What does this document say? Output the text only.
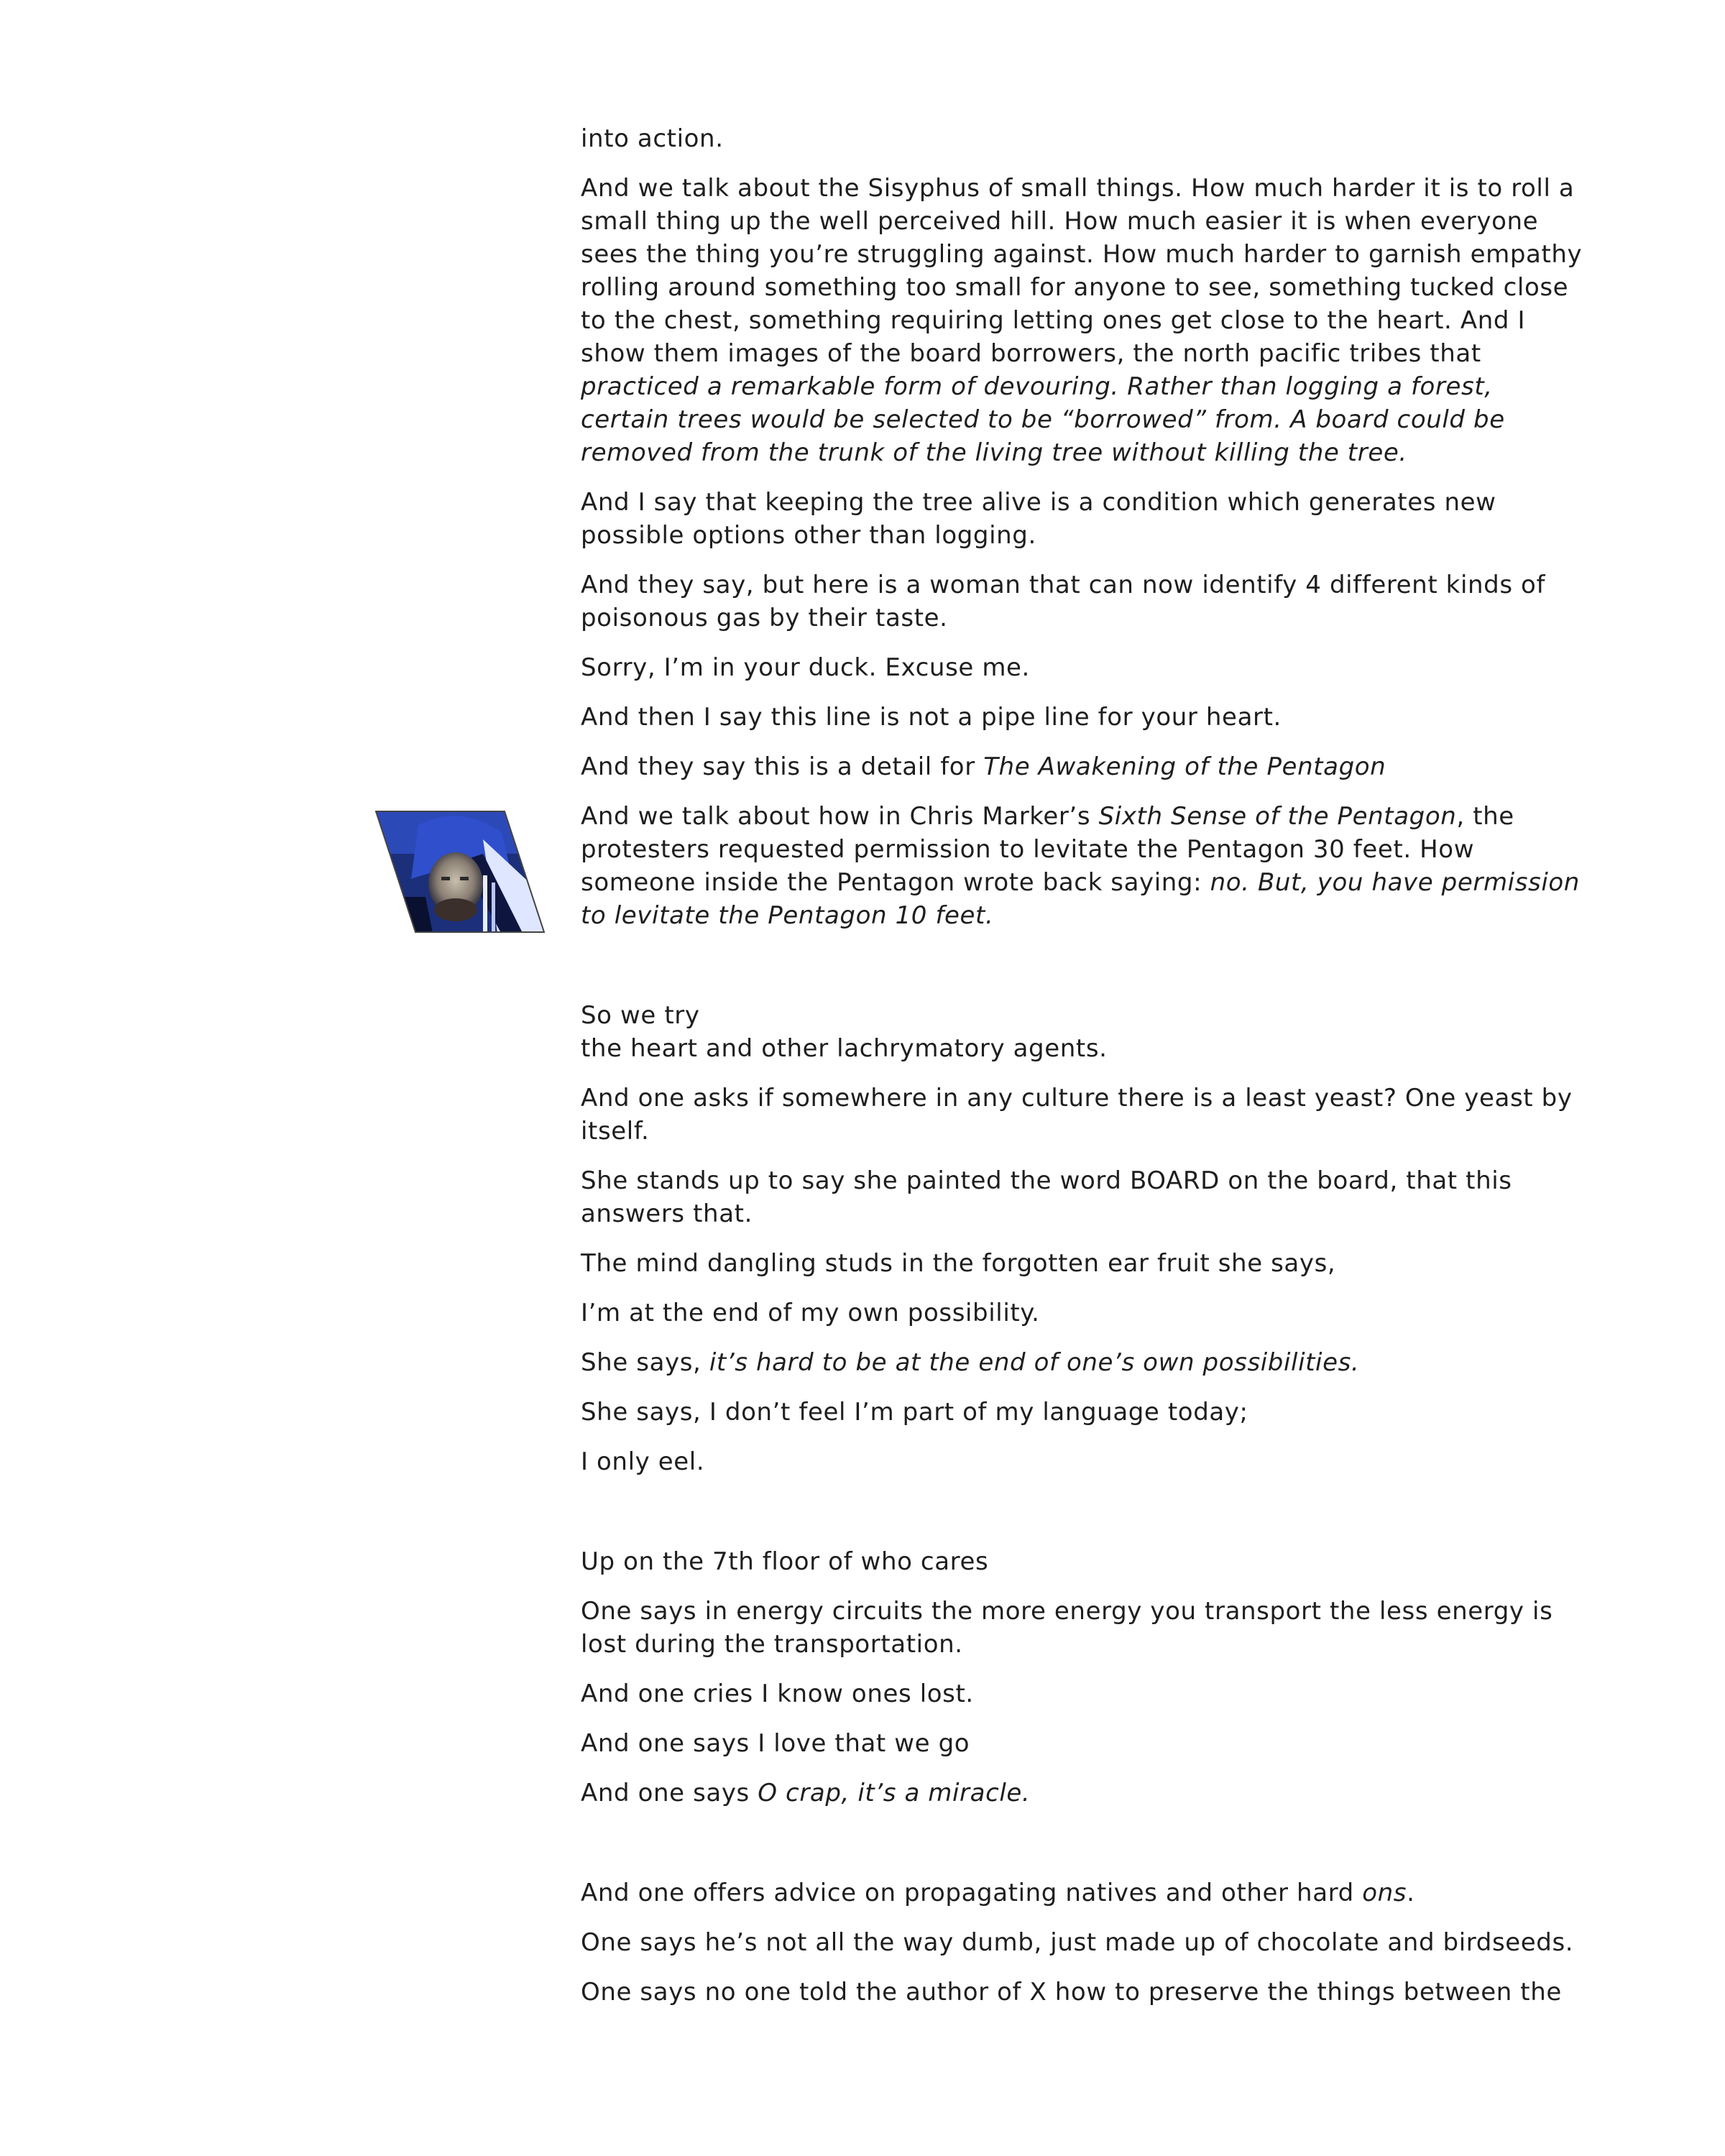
into action.

And we talk about the Sisyphus of small things. How much harder it is to roll a small thing up the well perceived hill. How much easier it is when everyone sees the thing you’re struggling against. How much harder to garnish empathy rolling around something too small for anyone to see, something tucked close to the chest, something requiring letting ones get close to the heart. And I show them images of the board borrowers, the north pacific tribes that practiced a remarkable form of devouring. Rather than logging a forest, certain trees would be selected to be “borrowed” from. A board could be removed from the trunk of the living tree without killing the tree.

And I say that keeping the tree alive is a condition which generates new possible options other than logging.

And they say, but here is a woman that can now identify 4 different kinds of poisonous gas by their taste.

Sorry, I’m in your duck. Excuse me.

And then I say this line is not a pipe line for your heart.

And they say this is a detail for The Awakening of the Pentagon

And we talk about how in Chris Marker’s Sixth Sense of the Pentagon, the protesters requested permission to levitate the Pentagon 30 feet. How someone inside the Pentagon wrote back saying: no. But, you have permission to levitate the Pentagon 10 feet.

So we try
the heart and other lachrymatory agents.

And one asks if somewhere in any culture there is a least yeast? One yeast by itself.

She stands up to say she painted the word BOARD on the board, that this answers that.

The mind dangling studs in the forgotten ear fruit she says,

I’m at the end of my own possibility.

She says, it’s hard to be at the end of one’s own possibilities.

She says, I don’t feel I’m part of my language today;

I only eel.

Up on the 7th floor of who cares

One says in energy circuits the more energy you transport the less energy is lost during the transportation.

And one cries I know ones lost.

And one says I love that we go

And one says O crap, it’s a miracle.

And one offers advice on propagating natives and other hard ons.

One says he’s not all the way dumb, just made up of chocolate and birdseeds.

One says no one told the author of X how to preserve the things between the
